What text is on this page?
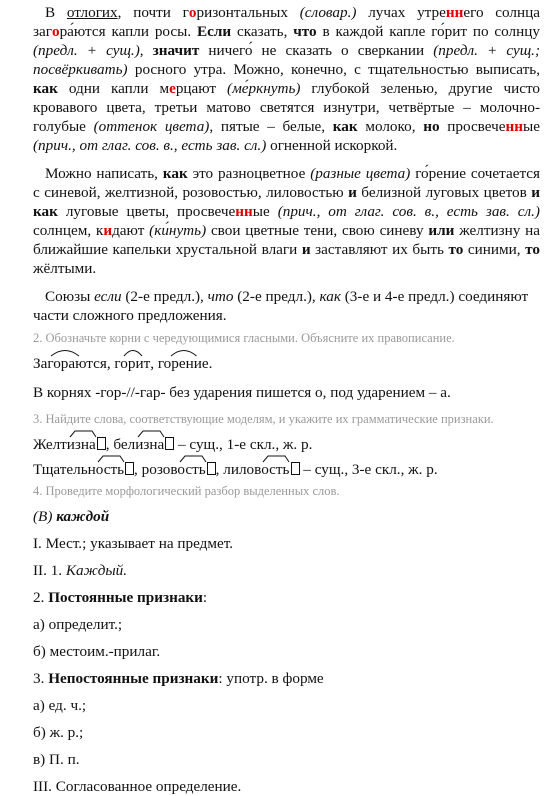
В отлогих, почти горизонтальных (словар.) лучах утреннего солнца загора́ются капли росы. Если сказать, что в каждой капле го́рит по солнцу (предл. + сущ.), значит ничего́ не сказать о сверкании (предл. + сущ.; посвёркивать) росного утра. Можно, конечно, с тщательностью выписать, как одни капли мерцают (ме́ркнуть) глубокой зеленью, другие чисто кровавого цвета, третьи матово светятся изнутри, четвёртые – молочно-голубые (оттенок цвета), пятые – белые, как молоко, но просвеченные (прич., от глаг. сов. в., есть зав. сл.) огненной искоркой.

Можно написать, как это разноцветное (разные цвета) го́рение сочетается с синевой, желтизной, розовостью, лиловостью и белизной луговых цветов и как луговые цветы, просвеченные (прич., от глаг. сов. в., есть зав. сл.) солнцем, кидают (ки́нуть) свои цветные тени, свою синеву или желтизну на ближайшие капельки хрустальной влаги и заставляют их быть то синими, то жёлтыми.

Союзы если (2-е предл.), что (2-е предл.), как (3-е и 4-е предл.) соединяют части сложного предложения.

2. Обозначьте корни с чередующимися гласными. Объясните их правописание.
Загораются
, горит
, горение
.
В корнях -гор-//-гар- без ударения пишется о, под ударением – а.
3. Найдите слова, соответствующие моделям, и укажите их грамматические признаки.
Желтизна , белизна
– сущ., 1-е скл., ж. р.
Тщательность , розовость , лиловость
– сущ., 3-е скл., ж. р.
4. Проведите морфологический разбор выделенных слов.
(В) каждой
I. Мест.; указывает на предмет.
II. 1. Каждый.
2. Постоянные признаки:
а) определит.;
б) местоим.-прилаг.
3. Непостоянные признаки: употр. в форме
а) ед. ч.;
б) ж. р.;
в) П. п.
III. Согласованное определение.
